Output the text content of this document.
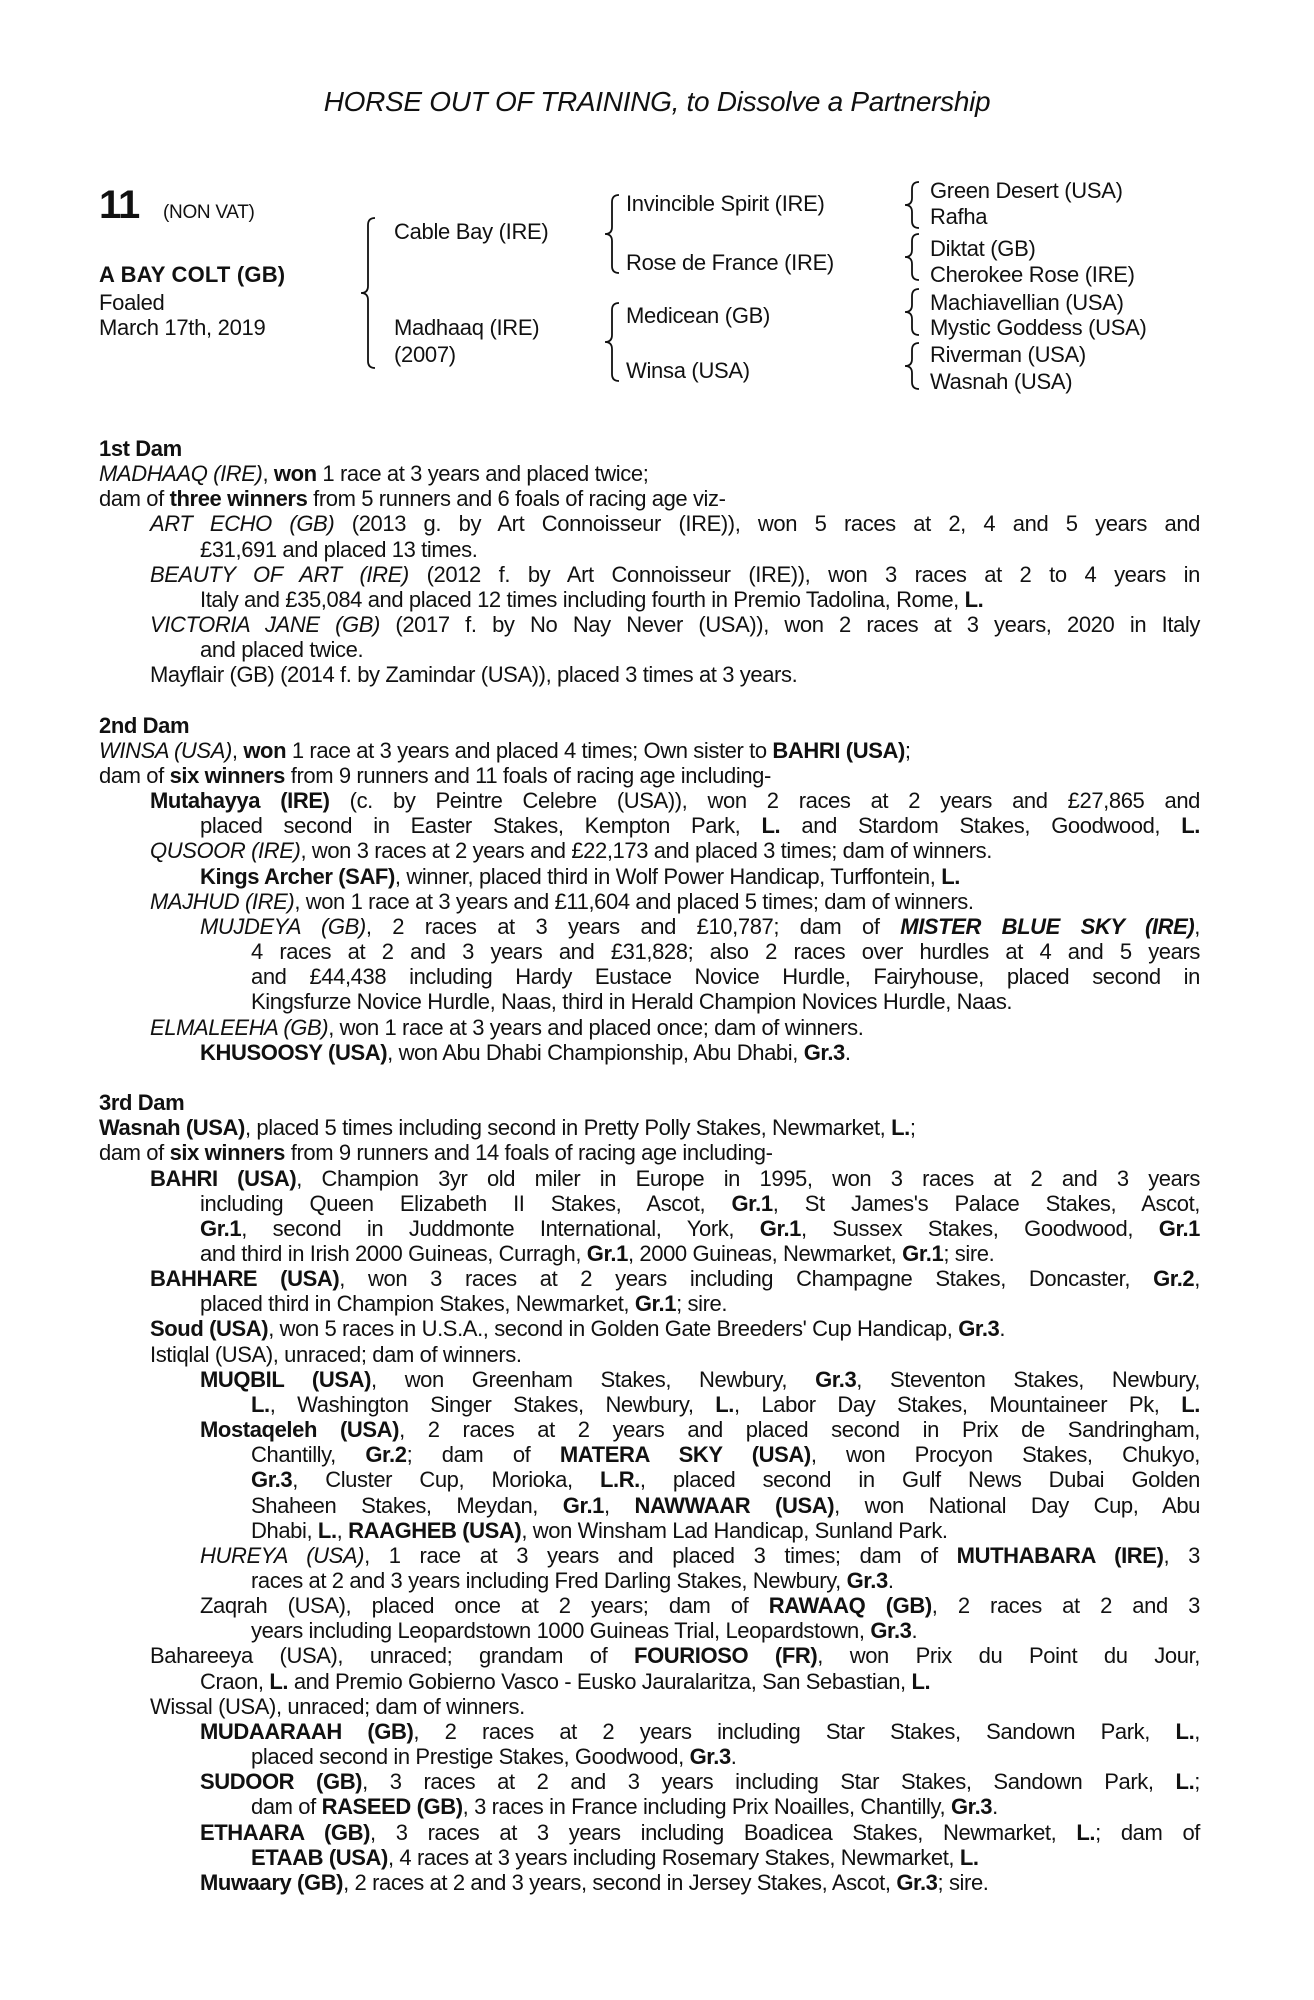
HORSE OUT OF TRAINING, to Dissolve a Partnership
11 (NON VAT)
A BAY COLT (GB)
Foaled
March 17th, 2019
Cable Bay (IRE)
Madhaaq (IRE)
(2007)
Invincible Spirit (IRE)
Rose de France (IRE)
Medicean (GB)
Winsa (USA)
Green Desert (USA)
Rafha
Diktat (GB)
Cherokee Rose (IRE)
Machiavellian (USA)
Mystic Goddess (USA)
Riverman (USA)
Wasnah (USA)
1st Dam
MADHAAQ (IRE), won 1 race at 3 years and placed twice;
dam of three winners from 5 runners and 6 foals of racing age viz-
ART ECHO (GB) (2013 g. by Art Connoisseur (IRE)), won 5 races at 2, 4 and 5 years and
£31,691 and placed 13 times.
BEAUTY OF ART (IRE) (2012 f. by Art Connoisseur (IRE)), won 3 races at 2 to 4 years in
Italy and £35,084 and placed 12 times including fourth in Premio Tadolina, Rome, L.
VICTORIA JANE (GB) (2017 f. by No Nay Never (USA)), won 2 races at 3 years, 2020 in Italy
and placed twice.
Mayflair (GB) (2014 f. by Zamindar (USA)), placed 3 times at 3 years.
2nd Dam
WINSA (USA), won 1 race at 3 years and placed 4 times; Own sister to BAHRI (USA);
dam of six winners from 9 runners and 11 foals of racing age including-
Mutahayya (IRE) (c. by Peintre Celebre (USA)), won 2 races at 2 years and £27,865 and
placed second in Easter Stakes, Kempton Park, L. and Stardom Stakes, Goodwood, L.
QUSOOR (IRE), won 3 races at 2 years and £22,173 and placed 3 times; dam of winners.
Kings Archer (SAF), winner, placed third in Wolf Power Handicap, Turffontein, L.
MAJHUD (IRE), won 1 race at 3 years and £11,604 and placed 5 times; dam of winners.
MUJDEYA (GB), 2 races at 3 years and £10,787; dam of MISTER BLUE SKY (IRE),
4 races at 2 and 3 years and £31,828; also 2 races over hurdles at 4 and 5 years
and £44,438 including Hardy Eustace Novice Hurdle, Fairyhouse, placed second in
Kingsfurze Novice Hurdle, Naas, third in Herald Champion Novices Hurdle, Naas.
ELMALEEHA (GB), won 1 race at 3 years and placed once; dam of winners.
KHUSOOSY (USA), won Abu Dhabi Championship, Abu Dhabi, Gr.3.
3rd Dam
Wasnah (USA), placed 5 times including second in Pretty Polly Stakes, Newmarket, L.;
dam of six winners from 9 runners and 14 foals of racing age including-
BAHRI (USA), Champion 3yr old miler in Europe in 1995, won 3 races at 2 and 3 years
including Queen Elizabeth II Stakes, Ascot, Gr.1, St James's Palace Stakes, Ascot,
Gr.1, second in Juddmonte International, York, Gr.1, Sussex Stakes, Goodwood, Gr.1
and third in Irish 2000 Guineas, Curragh, Gr.1, 2000 Guineas, Newmarket, Gr.1; sire.
BAHHARE (USA), won 3 races at 2 years including Champagne Stakes, Doncaster, Gr.2,
placed third in Champion Stakes, Newmarket, Gr.1; sire.
Soud (USA), won 5 races in U.S.A., second in Golden Gate Breeders' Cup Handicap, Gr.3.
Istiqlal (USA), unraced; dam of winners.
MUQBIL (USA), won Greenham Stakes, Newbury, Gr.3, Steventon Stakes, Newbury,
L., Washington Singer Stakes, Newbury, L., Labor Day Stakes, Mountaineer Pk, L.
Mostaqeleh (USA), 2 races at 2 years and placed second in Prix de Sandringham,
Chantilly, Gr.2; dam of MATERA SKY (USA), won Procyon Stakes, Chukyo,
Gr.3, Cluster Cup, Morioka, L.R., placed second in Gulf News Dubai Golden
Shaheen Stakes, Meydan, Gr.1, NAWWAAR (USA), won National Day Cup, Abu
Dhabi, L., RAAGHEB (USA), won Winsham Lad Handicap, Sunland Park.
HUREYA (USA), 1 race at 3 years and placed 3 times; dam of MUTHABARA (IRE), 3
races at 2 and 3 years including Fred Darling Stakes, Newbury, Gr.3.
Zaqrah (USA), placed once at 2 years; dam of RAWAAQ (GB), 2 races at 2 and 3
years including Leopardstown 1000 Guineas Trial, Leopardstown, Gr.3.
Bahareeya (USA), unraced; grandam of FOURIOSO (FR), won Prix du Point du Jour,
Craon, L. and Premio Gobierno Vasco - Eusko Jauralaritza, San Sebastian, L.
Wissal (USA), unraced; dam of winners.
MUDAARAAH (GB), 2 races at 2 years including Star Stakes, Sandown Park, L.,
placed second in Prestige Stakes, Goodwood, Gr.3.
SUDOOR (GB), 3 races at 2 and 3 years including Star Stakes, Sandown Park, L.;
dam of RASEED (GB), 3 races in France including Prix Noailles, Chantilly, Gr.3.
ETHAARA (GB), 3 races at 3 years including Boadicea Stakes, Newmarket, L.; dam of
ETAAB (USA), 4 races at 3 years including Rosemary Stakes, Newmarket, L.
Muwaary (GB), 2 races at 2 and 3 years, second in Jersey Stakes, Ascot, Gr.3; sire.
